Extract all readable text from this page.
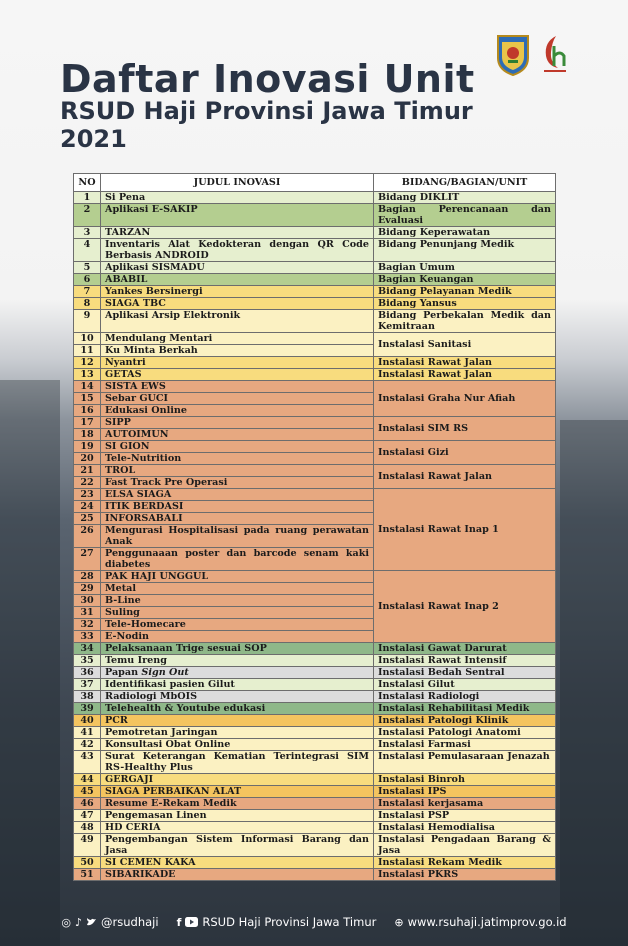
Daftar Inovasi Unit
RSUD Haji Provinsi Jawa Timur
2021
NO	JUDUL INOVASI	BIDANG/BAGIAN/UNIT
1	Si Pena	Bidang DIKLIT
2	Aplikasi E-SAKIP	Bagian Perencanaan dan Evaluasi
3	TARZAN	Bidang Keperawatan
4	Inventaris Alat Kedokteran dengan QR Code Berbasis ANDROID	Bidang Penunjang Medik
5	Aplikasi SISMADU	Bagian Umum
6	ABABIL	Bagian Keuangan
7	Yankes Bersinergi	Bidang Pelayanan Medik
8	SIAGA TBC	Bidang Yansus
9	Aplikasi Arsip Elektronik	Bidang Perbekalan Medik dan Kemitraan
10	Mendulang Mentari	Instalasi Sanitasi
11	Ku Minta Berkah	
12	Nyantri	Instalasi Rawat Jalan
13	GETAS	Instalasi Rawat Jalan
14	SISTA EWS	Instalasi Graha Nur Afiah
15	Sebar GUCI	
16	Edukasi Online	
17	SIPP	Instalasi SIM RS
18	AUTOIMUN	
19	SI GION	Instalasi Gizi
20	Tele-Nutrition	
21	TROL	Instalasi Rawat Jalan
22	Fast Track Pre Operasi	
23	ELSA SIAGA	Instalasi Rawat Inap 1
24	ITIK BERDASI	
25	INFORSABALI	
26	Mengurasi Hospitalisasi pada ruang perawatan Anak	
27	Penggunaaan poster dan barcode senam kaki diabetes	
28	PAK HAJI UNGGUL	Instalasi Rawat Inap 2
29	Metal	
30	B-Line	
31	Suling	
32	Tele-Homecare	
33	E-Nodin	
34	Pelaksanaan Trige sesuai SOP	Instalasi Gawat Darurat
35	Temu Ireng	Instalasi Rawat Intensif
36	Papan Sign Out	Instalasi Bedah Sentral
37	Identifikasi pasien Gilut	Instalasi Gilut
38	Radiologi MbOIS	Instalasi Radiologi
39	Telehealth & Youtube edukasi	Instalasi Rehabilitasi Medik
40	PCR	Instalasi Patologi Klinik
41	Pemotretan Jaringan	Instalasi Patologi Anatomi
42	Konsultasi Obat Online	Instalasi Farmasi
43	Surat Keterangan Kematian Terintegrasi SIM RS-Healthy Plus	Instalasi Pemulasaraan Jenazah
44	GERGAJI	Instalasi Binroh
45	SIAGA PERBAIKAN ALAT	Instalasi IPS
46	Resume E-Rekam Medik	Instalasi kerjasama
47	Pengemasan Linen	Instalasi PSP
48	HD CERIA	Instalasi Hemodialisa
49	Pengembangan Sistem Informasi Barang dan Jasa	Instalasi Pengadaan Barang & Jasa
50	SI CEMEN KAKA	Instalasi Rekam Medik
51	SIBARIKADE	Instalasi PKRS
◎ ♪ @rsudhaji f RSUD Haji Provinsi Jawa Timur ⊕ www.rsuhaji.jatimprov.go.id
